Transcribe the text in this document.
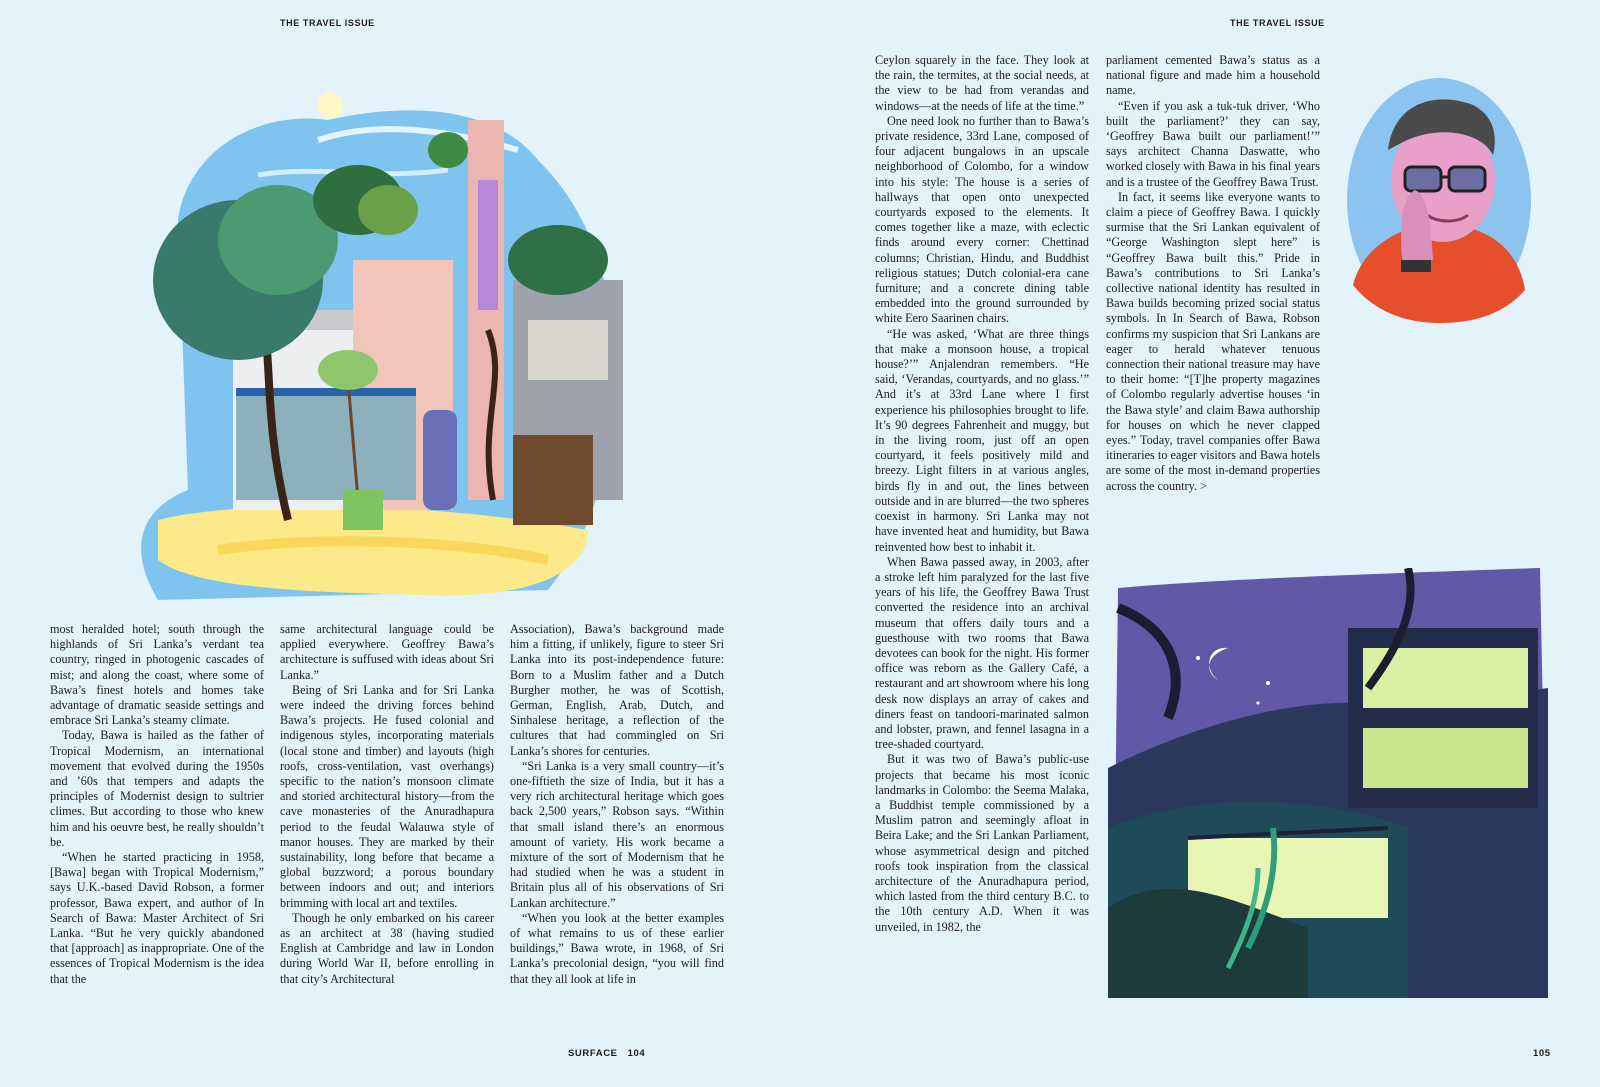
THE TRAVEL ISSUE	THE TRAVEL ISSUE

most heralded hotel; south through the highlands of Sri Lanka’s verdant tea country, ringed in photogenic cascades of mist; and along the coast, where some of Bawa’s finest hotels and homes take advantage of dramatic seaside settings and embrace Sri Lanka’s steamy climate.

Today, Bawa is hailed as the father of Tropical Modernism, an international movement that evolved during the 1950s and ’60s that tempers and adapts the principles of Modernist design to sultrier climes. But according to those who knew him and his oeuvre best, he really shouldn’t be.

“When he started practicing in 1958, [Bawa] began with Tropical Modernism,” says U.K.-based David Robson, a former professor, Bawa expert, and author of In Search of Bawa: Master Architect of Sri Lanka. “But he very quickly abandoned that [approach] as inappropriate. One of the essences of Tropical Modernism is the idea that the

same architectural language could be applied everywhere. Geoffrey Bawa’s architecture is suffused with ideas about Sri Lanka.”

Being of Sri Lanka and for Sri Lanka were indeed the driving forces behind Bawa’s projects. He fused colonial and indigenous styles, incorporating materials (local stone and timber) and layouts (high roofs, cross-ventilation, vast overhangs) specific to the nation’s monsoon climate and storied architectural history—from the cave monasteries of the Anuradhapura period to the feudal Walauwa style of manor houses. They are marked by their sustainability, long before that became a global buzzword; a porous boundary between indoors and out; and interiors brimming with local art and textiles.

Though he only embarked on his career as an architect at 38 (having studied English at Cambridge and law in London during World War II, before enrolling in that city’s Architectural

Association), Bawa’s background made him a fitting, if unlikely, figure to steer Sri Lanka into its post-independence future: Born to a Muslim father and a Dutch Burgher mother, he was of Scottish, German, English, Arab, Dutch, and Sinhalese heritage, a reflection of the cultures that had commingled on Sri Lanka’s shores for centuries.

“Sri Lanka is a very small country—it’s one-fiftieth the size of India, but it has a very rich architectural heritage which goes back 2,500 years,” Robson says. “Within that small island there’s an enormous amount of variety. His work became a mixture of the sort of Modernism that he had studied when he was a student in Britain plus all of his observations of Sri Lankan architecture.”

“When you look at the better examples of what remains to us of these earlier buildings,” Bawa wrote, in 1968, of Sri Lanka’s precolonial design, “you will find that they all look at life in

Ceylon squarely in the face. They look at the rain, the termites, at the social needs, at the view to be had from verandas and windows—at the needs of life at the time.”

One need look no further than to Bawa’s private residence, 33rd Lane, composed of four adjacent bungalows in an upscale neighborhood of Colombo, for a window into his style: The house is a series of hallways that open onto unexpected courtyards exposed to the elements. It comes together like a maze, with eclectic finds around every corner: Chettinad columns; Christian, Hindu, and Buddhist religious statues; Dutch colonial-era cane furniture; and a concrete dining table embedded into the ground surrounded by white Eero Saarinen chairs.

“He was asked, ‘What are three things that make a monsoon house, a tropical house?’” Anjalendran remembers. “He said, ‘Verandas, courtyards, and no glass.’” And it’s at 33rd Lane where I first experience his philosophies brought to life. It’s 90 degrees Fahrenheit and muggy, but in the living room, just off an open courtyard, it feels positively mild and breezy. Light filters in at various angles, birds fly in and out, the lines between outside and in are blurred—the two spheres coexist in harmony. Sri Lanka may not have invented heat and humidity, but Bawa reinvented how best to inhabit it.

When Bawa passed away, in 2003, after a stroke left him paralyzed for the last five years of his life, the Geoffrey Bawa Trust converted the residence into an archival museum that offers daily tours and a guesthouse with two rooms that Bawa devotees can book for the night. His former office was reborn as the Gallery Café, a restaurant and art showroom where his long desk now displays an array of cakes and diners feast on tandoori-marinated salmon and lobster, prawn, and fennel lasagna in a tree-shaded courtyard.

But it was two of Bawa’s public-use projects that became his most iconic landmarks in Colombo: the Seema Malaka, a Buddhist temple commissioned by a Muslim patron and seemingly afloat in Beira Lake; and the Sri Lankan Parliament, whose asymmetrical design and pitched roofs took inspiration from the classical architecture of the Anuradhapura period, which lasted from the third century B.C. to the 10th century A.D. When it was unveiled, in 1982, the

parliament cemented Bawa’s status as a national figure and made him a household name.

“Even if you ask a tuk-tuk driver, ‘Who built the parliament?’ they can say, ‘Geoffrey Bawa built our parliament!’” says architect Channa Daswatte, who worked closely with Bawa in his final years and is a trustee of the Geoffrey Bawa Trust.

In fact, it seems like everyone wants to claim a piece of Geoffrey Bawa. I quickly surmise that the Sri Lankan equivalent of “George Washington slept here” is “Geoffrey Bawa built this.” Pride in Bawa’s contributions to Sri Lanka’s collective national identity has resulted in Bawa builds becoming prized social status symbols. In In Search of Bawa, Robson confirms my suspicion that Sri Lankans are eager to herald whatever tenuous connection their national treasure may have to their home: “[T]he property magazines of Colombo regularly advertise houses ‘in the Bawa style’ and claim Bawa authorship for houses on which he never clapped eyes.” Today, travel companies offer Bawa itineraries to eager visitors and Bawa hotels are some of the most in-demand properties across the country. >

SURFACE 104	105
